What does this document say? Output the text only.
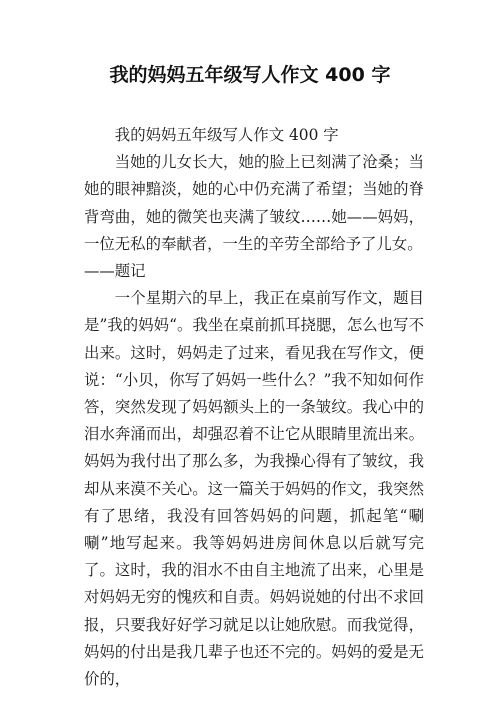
我的妈妈五年级写人作文 400 字

我的妈妈五年级写人作文 400 字

当她的儿女长大，她的脸上已刻满了沧桑；当她的眼神黯淡，她的心中仍充满了希望；当她的脊背弯曲，她的微笑也夹满了皱纹……她——妈妈，一位无私的奉献者，一生的辛劳全部给予了儿女。

——题记

一个星期六的早上，我正在桌前写作文，题目是”我的妈妈“。我坐在桌前抓耳挠腮，怎么也写不出来。这时，妈妈走了过来，看见我在写作文，便说：“小贝，你写了妈妈一些什么？”我不知如何作答，突然发现了妈妈额头上的一条皱纹。我心中的泪水奔涌而出，却强忍着不让它从眼睛里流出来。妈妈为我付出了那么多，为我操心得有了皱纹，我却从来漠不关心。这一篇关于妈妈的作文，我突然有了思绪，我没有回答妈妈的问题，抓起笔“唰唰”地写起来。我等妈妈进房间休息以后就写完了。这时，我的泪水不由自主地流了出来，心里是对妈妈无穷的愧疚和自责。妈妈说她的付出不求回报，只要我好好学习就足以让她欣慰。而我觉得，妈妈的付出是我几辈子也还不完的。妈妈的爱是无价的，
